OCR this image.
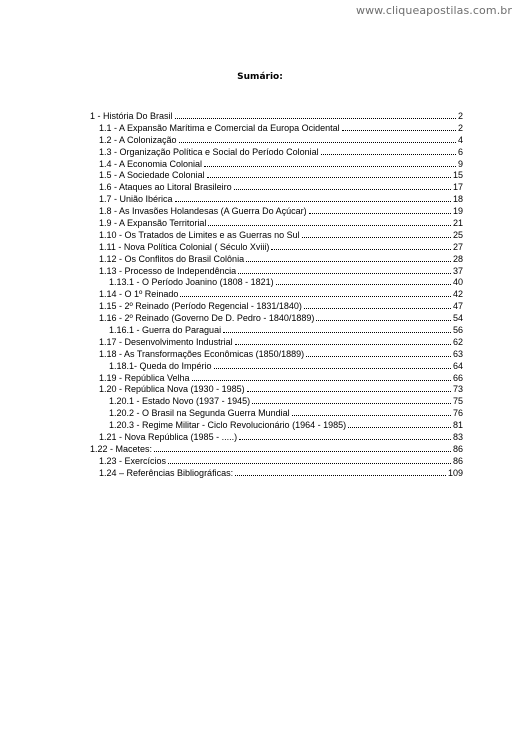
www.cliqueapostilas.com.br
Sumário:
1 - História Do Brasil	2
1.1 - A Expansão Marítima e Comercial da Europa Ocidental	2
1.2 - A Colonização	4
1.3 - Organização Política e Social do Período Colonial	6
1.4 - A Economia Colonial	9
1.5 - A Sociedade Colonial	15
1.6 - Ataques ao Litoral Brasileiro	17
1.7 - União Ibérica	18
1.8 - As Invasões Holandesas (A Guerra Do Açúcar)	19
1.9 - A Expansão Territorial	21
1.10 - Os Tratados de Limites e as Guerras no Sul	25
1.11 - Nova Política Colonial ( Século Xviii)	27
1.12 - Os Conflitos do Brasil Colônia	28
1.13 - Processo de Independência	37
1.13.1 - O Período Joanino (1808 - 1821)	40
1.14 - O 1º Reinado	42
1.15 - 2º Reinado (Período Regencial - 1831/1840)	47
1.16 - 2º Reinado (Governo De D. Pedro - 1840/1889)	54
1.16.1 - Guerra do Paraguai	56
1.17 - Desenvolvimento Industrial	62
1.18 - As Transformações Econômicas (1850/1889)	63
1.18.1- Queda do Império	64
1.19 - República Velha	66
1.20 - República Nova (1930 - 1985)	73
1.20.1 - Estado Novo (1937 - 1945)	75
1.20.2 - O Brasil na Segunda Guerra Mundial	76
1.20.3 - Regime Militar - Ciclo Revolucionário (1964 - 1985)	81
1.21 - Nova República (1985 - .....)	83
1.22 - Macetes:	86
1.23 - Exercícios	86
1.24 – Referências Bibliográficas:	109
